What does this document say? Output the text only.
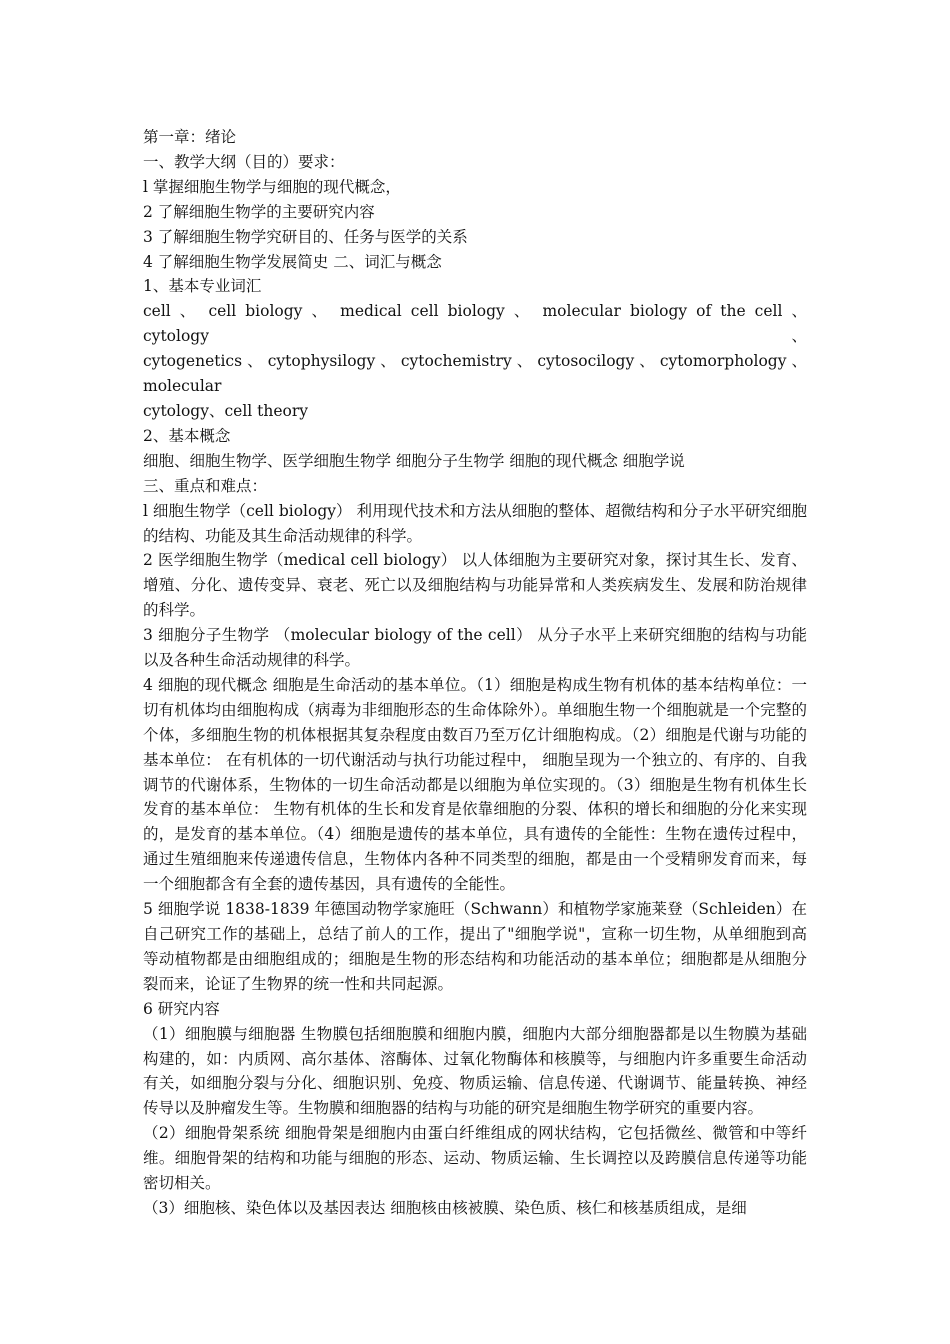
第一章：绪论
一、教学大纲（目的）要求：
l 掌握细胞生物学与细胞的现代概念，
2 了解细胞生物学的主要研究内容
3 了解细胞生物学究研目的、任务与医学的关系
4 了解细胞生物学发展简史 二、词汇与概念
1、基本专业词汇
cell 、 cell biology 、 medical cell biology 、 molecular biology of the cell 、 cytology 、
cytogenetics 、 cytophysilogy 、 cytochemistry 、 cytosocilogy 、 cytomorphology 、 molecular
cytology、cell theory
2、基本概念
细胞、细胞生物学、医学细胞生物学 细胞分子生物学 细胞的现代概念 细胞学说
三、重点和难点：
l 细胞生物学（cell biology） 利用现代技术和方法从细胞的整体、超微结构和分子水平研究细胞的结构、功能及其生命活动规律的科学。
2 医学细胞生物学（medical cell biology） 以人体细胞为主要研究对象，探讨其生长、发育、增殖、分化、遗传变异、衰老、死亡以及细胞结构与功能异常和人类疾病发生、发展和防治规律的科学。
3 细胞分子生物学 （molecular biology of the cell） 从分子水平上来研究细胞的结构与功能以及各种生命活动规律的科学。
4 细胞的现代概念 细胞是生命活动的基本单位。（1）细胞是构成生物有机体的基本结构单位：一切有机体均由细胞构成（病毒为非细胞形态的生命体除外）。单细胞生物一个细胞就是一个完整的个体，多细胞生物的机体根据其复杂程度由数百乃至万亿计细胞构成。（2）细胞是代谢与功能的基本单位： 在有机体的一切代谢活动与执行功能过程中， 细胞呈现为一个独立的、有序的、自我调节的代谢体系，生物体的一切生命活动都是以细胞为单位实现的。（3）细胞是生物有机体生长发育的基本单位： 生物有机体的生长和发育是依靠细胞的分裂、体积的增长和细胞的分化来实现的，是发育的基本单位。（4）细胞是遗传的基本单位，具有遗传的全能性：生物在遗传过程中，通过生殖细胞来传递遗传信息，生物体内各种不同类型的细胞，都是由一个受精卵发育而来，每一个细胞都含有全套的遗传基因，具有遗传的全能性。
5 细胞学说 1838-1839 年德国动物学家施旺（Schwann）和植物学家施莱登（Schleiden）在自己研究工作的基础上，总结了前人的工作，提出了"细胞学说"，宣称一切生物，从单细胞到高等动植物都是由细胞组成的；细胞是生物的形态结构和功能活动的基本单位；细胞都是从细胞分裂而来，论证了生物界的统一性和共同起源。
6 研究内容
（1）细胞膜与细胞器 生物膜包括细胞膜和细胞内膜，细胞内大部分细胞器都是以生物膜为基础构建的，如：内质网、高尔基体、溶酶体、过氧化物酶体和核膜等，与细胞内许多重要生命活动有关，如细胞分裂与分化、细胞识别、免疫、物质运输、信息传递、代谢调节、能量转换、神经传导以及肿瘤发生等。生物膜和细胞器的结构与功能的研究是细胞生物学研究的重要内容。
（2）细胞骨架系统 细胞骨架是细胞内由蛋白纤维组成的网状结构，它包括微丝、微管和中等纤维。细胞骨架的结构和功能与细胞的形态、运动、物质运输、生长调控以及跨膜信息传递等功能密切相关。
（3）细胞核、染色体以及基因表达 细胞核由核被膜、染色质、核仁和核基质组成，是细
